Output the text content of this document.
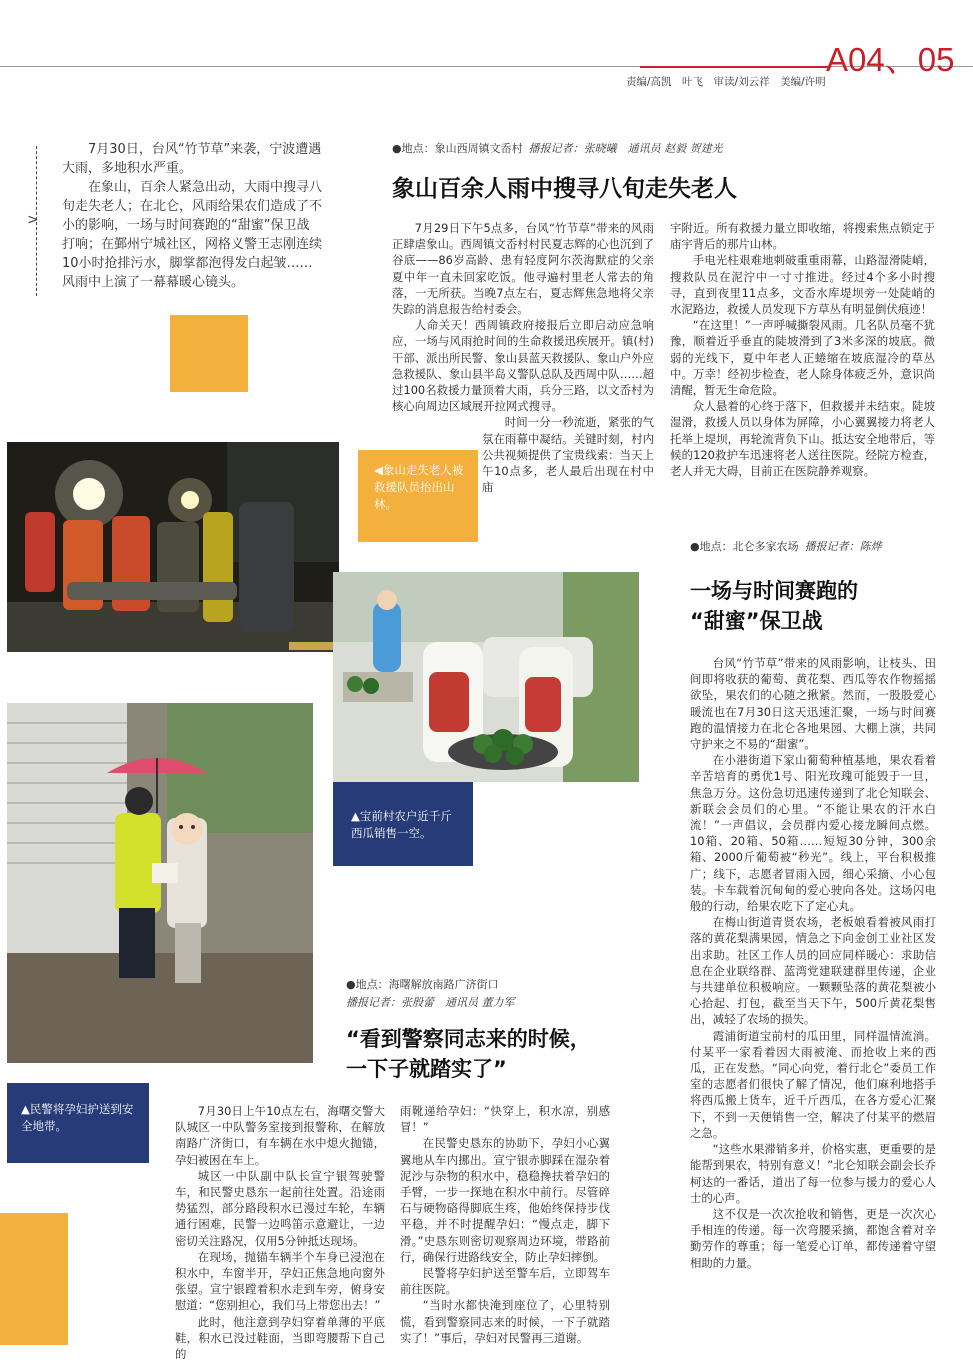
A04、05
责编/高凯　叶飞　审读/刘云祥　美编/许明
>

7月30日，台风“竹节草”来袭，宁波遭遇大雨，多地积水严重。

在象山，百余人紧急出动，大雨中搜寻八旬走失老人；在北仑，风雨给果农们造成了不小的影响，一场与时间赛跑的“甜蜜”保卫战打响；在鄞州宁城社区，网格义警王志刚连续10小时抢排污水，脚掌都泡得发白起皱……风雨中上演了一幕幕暖心镜头。

●地点：象山西周镇文岙村 播报记者：张晓曦　通讯员 赵毅 贺建光
象山百余人雨中搜寻八旬走失老人

7月29日下午5点多，台风“竹节草”带来的风雨正肆虐象山。西周镇文岙村村民夏志辉的心也沉到了谷底——86岁高龄、患有轻度阿尔茨海默症的父亲夏中年一直未回家吃饭。他寻遍村里老人常去的角落，一无所获。当晚7点左右，夏志辉焦急地将父亲失踪的消息报告给村委会。

人命关天！西周镇政府接报后立即启动应急响应，一场与风雨抢时间的生命救援迅疾展开。镇(村)干部、派出所民警、象山县蓝天救援队、象山户外应急救援队、象山县半岛义警队总队及西周中队……超过100名救援力量顶着大雨，兵分三路，以文岙村为核心向周边区域展开拉网式搜寻。

时间一分一秒流逝，紧张的气氛在雨幕中凝结。关键时刻，村内公共视频提供了宝贵线索：当天上午10点多，老人最后出现在村中庙

宇附近。所有救援力量立即收缩，将搜索焦点锁定于庙宇背后的那片山林。

手电光柱艰难地刺破重重雨幕，山路湿滑陡峭，搜救队员在泥泞中一寸寸推进。经过4个多小时搜寻，直到夜里11点多，文岙水库堤坝旁一处陡峭的水泥路边，救援人员发现下方草丛有明显倒伏痕迹！

“在这里！”一声呼喊撕裂风雨。几名队员毫不犹豫，顺着近乎垂直的陡坡滑到了3米多深的坡底。微弱的光线下，夏中年老人正蜷缩在坡底湿冷的草丛中。万幸！经初步检查，老人除身体疲乏外，意识尚清醒，暂无生命危险。

众人悬着的心终于落下，但救援并未结束。陡坡湿滑，救援人员以身体为屏障，小心翼翼接力将老人托举上堤坝，再轮流背负下山。抵达安全地带后，等候的120救护车迅速将老人送往医院。经院方检查，老人并无大碍，目前正在医院静养观察。

◀象山走失老人被救援队员抬出山林。
▲宝前村农户近千斤西瓜销售一空。
▲民警将孕妇护送到安全地带。
●地点：北仑多家农场 播报记者：陈烨
一场与时间赛跑的
“甜蜜”保卫战

台风“竹节草”带来的风雨影响，让枝头、田间即将收获的葡萄、黄花梨、西瓜等农作物摇摇欲坠，果农们的心随之揪紧。然而，一股股爱心暖流也在7月30日这天迅速汇聚，一场与时间赛跑的温情接力在北仑各地果园、大棚上演，共同守护来之不易的“甜蜜”。

在小港街道下家山葡萄种植基地，果农看着辛苦培育的勇优1号、阳光玫瑰可能毁于一旦，焦急万分。这份急切迅速传递到了北仑知联会、新联会会员们的心里。“不能让果农的汗水白流！”一声倡议，会员群内爱心接龙瞬间点燃。10箱、20箱、50箱……短短30分钟，300余箱、2000斤葡萄被“秒光”。线上，平台积极推广；线下，志愿者冒雨入园，细心采摘、小心包装。卡车载着沉甸甸的爱心驶向各处。这场闪电般的行动，给果农吃下了定心丸。

在梅山街道青贤农场，老板娘看着被风雨打落的黄花梨满果园，情急之下向金创工业社区发出求助。社区工作人员的回应同样暖心：求助信息在企业联络群、蓝湾党建联建群里传递，企业与共建单位积极响应。一颗颗坠落的黄花梨被小心拾起、打包，截至当天下午，500斤黄花梨售出，减轻了农场的损失。

霞浦街道宝前村的瓜田里，同样温情流淌。付某平一家看着因大雨被淹、而抢收上来的西瓜，正在发愁。“同心向党，着行北仑”委员工作室的志愿者们很快了解了情况，他们麻利地搭手将西瓜搬上货车，近千斤西瓜，在各方爱心汇聚下，不到一天便销售一空，解决了付某平的燃眉之急。

“这些水果滞销多并，价格实惠，更重要的是能帮到果农，特别有意义！”北仑知联会副会长乔柯达的一番话，道出了每一位参与援力的爱心人士的心声。

这不仅是一次次抢收和销售，更是一次次心手相连的传递。每一次弯腰采摘，都饱含着对辛勤劳作的尊重；每一笔爱心订单，都传递着守望相助的力量。

●地点：海曙解放南路广济街口
播报记者：张殷蕾　通讯员 董力军
“看到警察同志来的时候，
一下子就踏实了”

7月30日上午10点左右，海曙交警大队城区一中队警务室接到报警称，在解放南路广济街口，有车辆在水中熄火抛锚，孕妇被困在车上。

城区一中队副中队长宣宁银驾驶警车，和民警史恳东一起前往处置。沿途雨势猛烈，部分路段积水已漫过车轮，车辆通行困难，民警一边鸣笛示意避让，一边密切关注路况，仅用5分钟抵达现场。

在现场，抛锚车辆半个车身已浸泡在积水中，车窗半开，孕妇正焦急地向窗外张望。宣宁银蹚着积水走到车旁，俯身安慰道：“您别担心，我们马上带您出去！”

此时，他注意到孕妇穿着单薄的平底鞋，积水已没过鞋面，当即弯腰帮下自己的

雨靴递给孕妇：“快穿上，积水凉，别感冒！”

在民警史恳东的协助下，孕妇小心翼翼地从车内挪出。宣宁银赤脚踩在湿杂着泥沙与杂物的积水中，稳稳搀扶着孕妇的手臂，一步一探地在积水中前行。尽管碎石与硬物硌得脚底生疼，他始终保持步伐平稳，并不时提醒孕妇：“慢点走，脚下滑。”史恳东则密切观察周边环境，带路前行，确保行进路线安全，防止孕妇摔倒。

民警将孕妇护送至警车后，立即驾车前往医院。

“当时水都快淹到座位了，心里特别慌，看到警察同志来的时候，一下子就踏实了！”事后，孕妇对民警再三道谢。
